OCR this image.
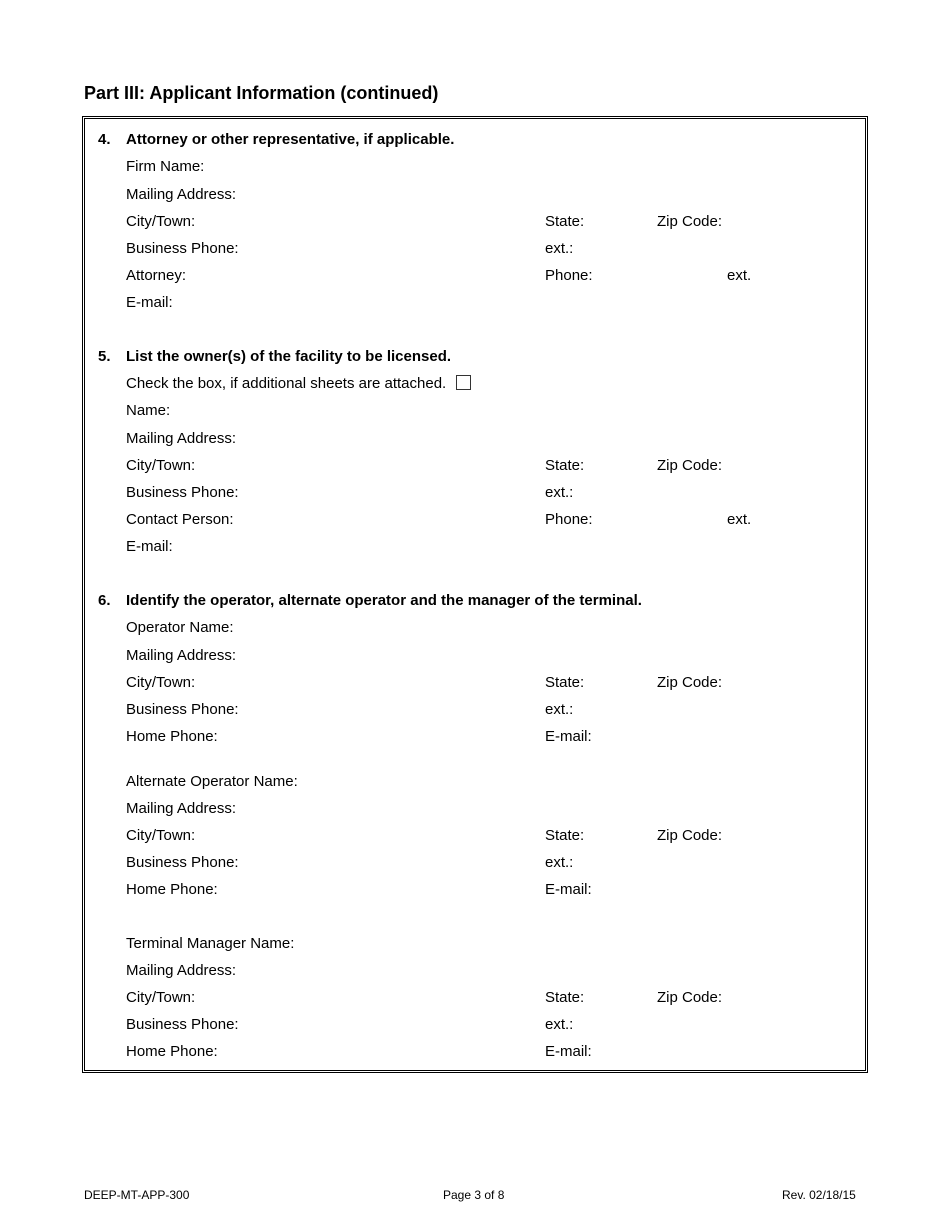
Part III: Applicant Information (continued)
4. Attorney or other representative, if applicable.
Firm Name:
Mailing Address:
City/Town:	State:	Zip Code:
Business Phone:	ext.:
Attorney:	Phone:	ext.
E-mail:
5. List the owner(s) of the facility to be licensed.
Check the box, if additional sheets are attached.
Name:
Mailing Address:
City/Town:	State:	Zip Code:
Business Phone:	ext.:
Contact Person:	Phone:	ext.
E-mail:
6. Identify the operator, alternate operator and the manager of the terminal.
Operator Name:
Mailing Address:
City/Town:	State:	Zip Code:
Business Phone:	ext.:
Home Phone:	E-mail:
Alternate Operator Name:
Mailing Address:
City/Town:	State:	Zip Code:
Business Phone:	ext.:
Home Phone:	E-mail:
Terminal Manager Name:
Mailing Address:
City/Town:	State:	Zip Code:
Business Phone:	ext.:
Home Phone:	E-mail:
DEEP-MT-APP-300	Page 3 of 8	Rev. 02/18/15
